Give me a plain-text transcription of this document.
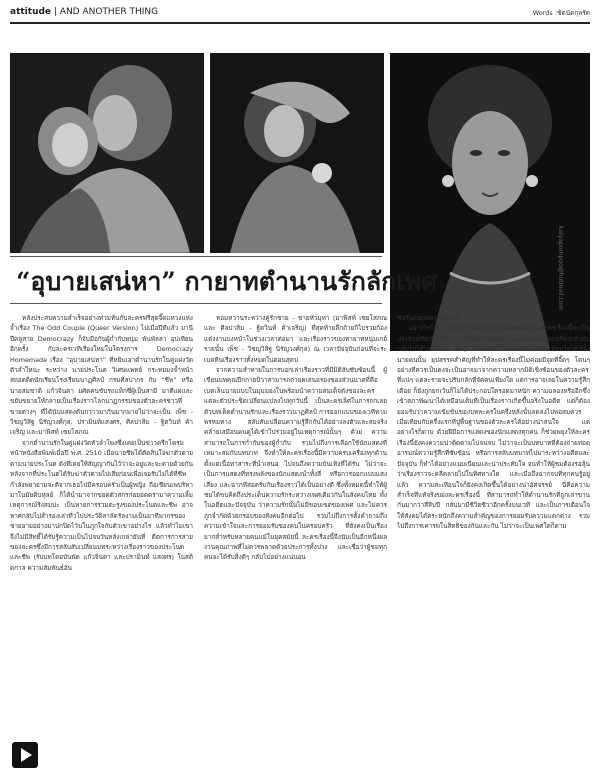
attitude | AND ANOTHER THING	Words :ชัดนัดกุลรัต
kalyapornpoo@hotmail.com
“อุบายเสน่หา” กายาทตำนานรักลักเพศ

หลังประสบความสำเร็จอย่างท่วมท้นกับละครฟรีสุดจี๊ดแหวงแห่งจ้ำเรื่อง The Odd Couple (Queer Version) ไปเมื่อปีที่แล้ว มานีปีคลูสาย Democrazy ก็จับมือกันผู้กำกับหนุ่ม พันพัลลา อุปเทียน อีกครั้ง กับละครเวทีเรื่องใหม่ในโครงการ Democrazy Homemade เรื่อง “อุบายเสน่หา” ที่หยิบเอาตำนานรักในคู่แฝงวัดตัวลำใหนะ ระหว่าง นายประโนต วิเศษแพทย์ กระทยมงจ้ำหน้าสถอตติดนักเรียนโรงเรียนนาฏศิลป์ กรมศิลปากร กับ “ชีพ” หรือ นายสมชาติ แก้วจินดา ยศัดคนขับรถแท็กซี่ผู้เป็นสามี มาตีแผ่และขยับขยายให้กลายเป็นเรื่องราวโลกนาฏกรรมของตัวละครชาวที่ขายต่างๆ ที่ได้นับแสดงต้นกว่าวมากันมากมายไม่ว่าจะเป็น เพ็ช - วิชญวิสิฐ นิรัญวงศ์กุล, ปรามินท์แสงศร, ศิลปาสิม - ฐิตวินท์ ค้าเจริญ และมาฟิสท์ เซยโสภณ

จากตำนานรักในคู่แฝงวัดหัวลำโพงซึ่งเคยเป็นข่าวครึกโครมหน้าหนังสือพิมพ์เมื่อปี พ.ศ. 2510 เมื่อนายชีพได้ตัดสินใจฆ่าตัวตายตามนายประโนต ดังที่เคยให้สัญญากันไว้ว่าจะอยู่และจะตายด้วยกัน หลังจากที่ประโนตได้รับฆ่าตัวตายไปเสียก่อนเพื่อเจอรับไม่ได้ที่ชีพกำลังพยายามจะตีจากเธอไปมีครอบครัวเป็นผู้หญิง ถือเชียนเพบริหา มาในมัยติบหุลย์ ก็ได้นำมาจากขยดตัวสกรก่อยอดดรามาความเลิ้มเหตุการณ์ริงสมปะ เป็นหายการร่วมตะรูงของประโนตและชีพ อาจหาศกลับไปสำรองเล่าที่วไปประวัติสาลัดรัลงามเป็นมาทีมากรของชายอายอย่างมาปกปิดไว้นในภูกใจกับตัวเขาอย่างไร แล้วทำไมเขาจึงไม่มีสิทธิ์ได้รับรู้ความเป็นไปจบวันหลังเกล่ายันที่ ดีตการการสายของละครซึ่งมีการสลับสับเปลี่ยนบทระหว่างเรื่องราวของประโนตและชีพ (รับบทโดยบันพัด แก้วจินดา และปรามินท์ แสงศร) ในสติดกาล ความสัมพันธ์อัน

หอมหวานระหว่างคู่รักชาย - ชายหัวมุทา (มาฟิสท์ เซยโสภณ และ ศิลปาสิม - ฐิตวินท์ ค้าเจริญ) ที่สุดท้ายลึกถ้ายกิไปรวยก้องแต่งงานบงหน้าในช่วงเวลาต่อมา และเรื่องราวของทายาทหนุ่มเกย์รายนั้น เพ็ช - วิชญวิสิฐ นิรัญวงศ์กุล) ณ เวลาปัจจุบันก่อนที่จะระเบดทีนเรื่องราวทั้งหมดในตอนสุดป

จากความสำหายในการบอกเล่าเรื่องราวที่มีมิติลับซับซ้อนนี้ ผู้เขียนบทคุณปีกกายบิวาสามารถถ่ายคเสนอรองของส่วนนาดที่คือเบดเล็นนายแบบในมุมมองในพร้อมนำความสมเด็จดังของละครแต่ละตัวประชิดเปลี่ยนแปลงไปทุกวันนี้ เป็นละครเลิศในการถกเลย ตัวบทเด็ดตำนานรักและเรื่องราวนาฏศิลป์ การออกแบบของเวทีทามพรหมทาง สลับสับเปลี่ยนความรู้สึกกันได้อย่างลงตัวและสมจริงคล้ายเสมือนคนดูได้เข้าไปร่วมอยู่ในเหตุการณ์นั้นๆ ด้วย ความสามารถในการกำกับของผู้กำกับ รวมไปถึงการเลือกใช้นักแสดงที่เหมาะสมกับบทบาท จึงทำให้ละครเรื่องนี้มีความครบเครื่องทุกด้าน ตั้งแต่เนื้อหาสาระที่นำเสนอ ไปจนถึงความบันเทิงที่ได้รับ ไม่ว่าจะเป็นการแสดงที่ทรงพลังของนักแสดงนำทั้งสี่ หรือการออกแบบแสง เสียง และฉากที่สอดรับกับเรื่องราวได้เป็นอย่างดี ซึ่งทั้งหมดนี้ทำให้ผู้ชมได้ขบคิดถึงประเด็นความรักระหว่างเพศเดียวกันในสังคมไทย ทั้งในอดีตและปัจจุบัน ว่าความรักนั้นไม่มีขอบเขตของเพศ และไม่ควรถูกจำกัดด้วยกรอบของสังคมอีกต่อไป รวมไปถึงการตั้งคำถามถึงความเข้าใจและการยอมรับของคนในครอบครัว ที่ยังคงเป็นเรื่องยากสำหรับหลายคนแม้ในยุคสมัยนี้ ละครเรื่องนี้จึงนับเป็นอีกหนึ่งผลงานคุณภาพที่ไม่ควรพลาดด้วยประการทั้งปวง และเชื่อว่าผู้ชมทุกคนจะได้รับสิ่งดีๆ กลับไปอย่างแน่นอน

ฟังกันแบบสดๆ ซึ้งด้วย!

อย่างไรก็ดี ไม่ว่าความสำเร็จในเชิงเทคนิคของละครเรื่องนี้จะเป็นประจักษ์ชัดเพียงใด แต่ในด้านพลังทางแบบโดยรวมของเรื่องแล้วนับกลับไปได้ไม่ถึงในฝ ทั้งๆ ที่เรื่องราวก็ออกจะชวนให้สะเทือนใจได้เรียงนายคนนั้น ยุปสรรคสำคัญที่ทำให้ละครเรื่องนี้ไม่ค่อยมีจุดที่จี๊ดๆ โดนๆ อย่างที่ควรเป็นคงจะเป็นอาจมาจากความหลากมิติเชิงซ้อนของตัวละครที่แน่ๆ แต่ละรายจะปรับกลักที่จัดคนเพียงใด แต่การอาจเลยในความรู้สึกเดือย ก็ยังถูกยกเว้นก็ไม่ได้ประกอบใดรอดมาหนัก ความฉลองหรืออีกซึ่งเข้าสภาพัฒนาได้เหมือนเดิมที่เป็นเรื่องราวเกิดขึ้นจริงในอดีต แต่ก็ต้องยอมรับว่าความเข้มข้นของบทละครในครึ่งหลังนั้นลดลงไปพอสมควร เมื่อเทียบกับครึ่งแรกที่ปูพื้นฐานของตัวละครได้อย่างน่าสนใจ แต่อย่างไรก็ตาม ด้วยฝีมือการแสดงของนักแสดงทุกคน ก็ช่วยพยุงให้ละครเรื่องนี้ยังคงความน่าติดตามไปจนจบ ไม่ว่าจะเป็นบทบาทที่ต้องถ่ายทอดอารมณ์ความรู้สึกที่ซับซ้อน หรือการสลับบทบาทไปมาระหว่างอดีตและปัจจุบัน ก็ทำได้อย่างแนบเนียนและน่าประทับใจ จนทำให้ผู้ชมต้องรอลุ้นว่าเรื่องราวจะคลี่คลายไปในทิศทางใด และเมื่อถึงฉากจบที่ทุกคนรู้อยู่แล้ว ความสะเทือนใจก็ยังคงเกิดขึ้นได้อย่างน่าอัศจรรย์ นี่คือความสำเร็จที่แท้จริงของละครเรื่องนี้ ที่สามารถทำให้ตำนานรักที่ถูกเล่าขานกันมากว่าสี่สิบปี กลับมามีชีวิตชีวาอีกครั้งบนเวที และเป็นการเตือนใจให้สังคมได้ตระหนักถึงความสำคัญของการยอมรับความแตกต่าง รวมไปถึงการเคารพในสิทธิของกันและกัน ไม่ว่าจะเป็นเพศใดก็ตาม
